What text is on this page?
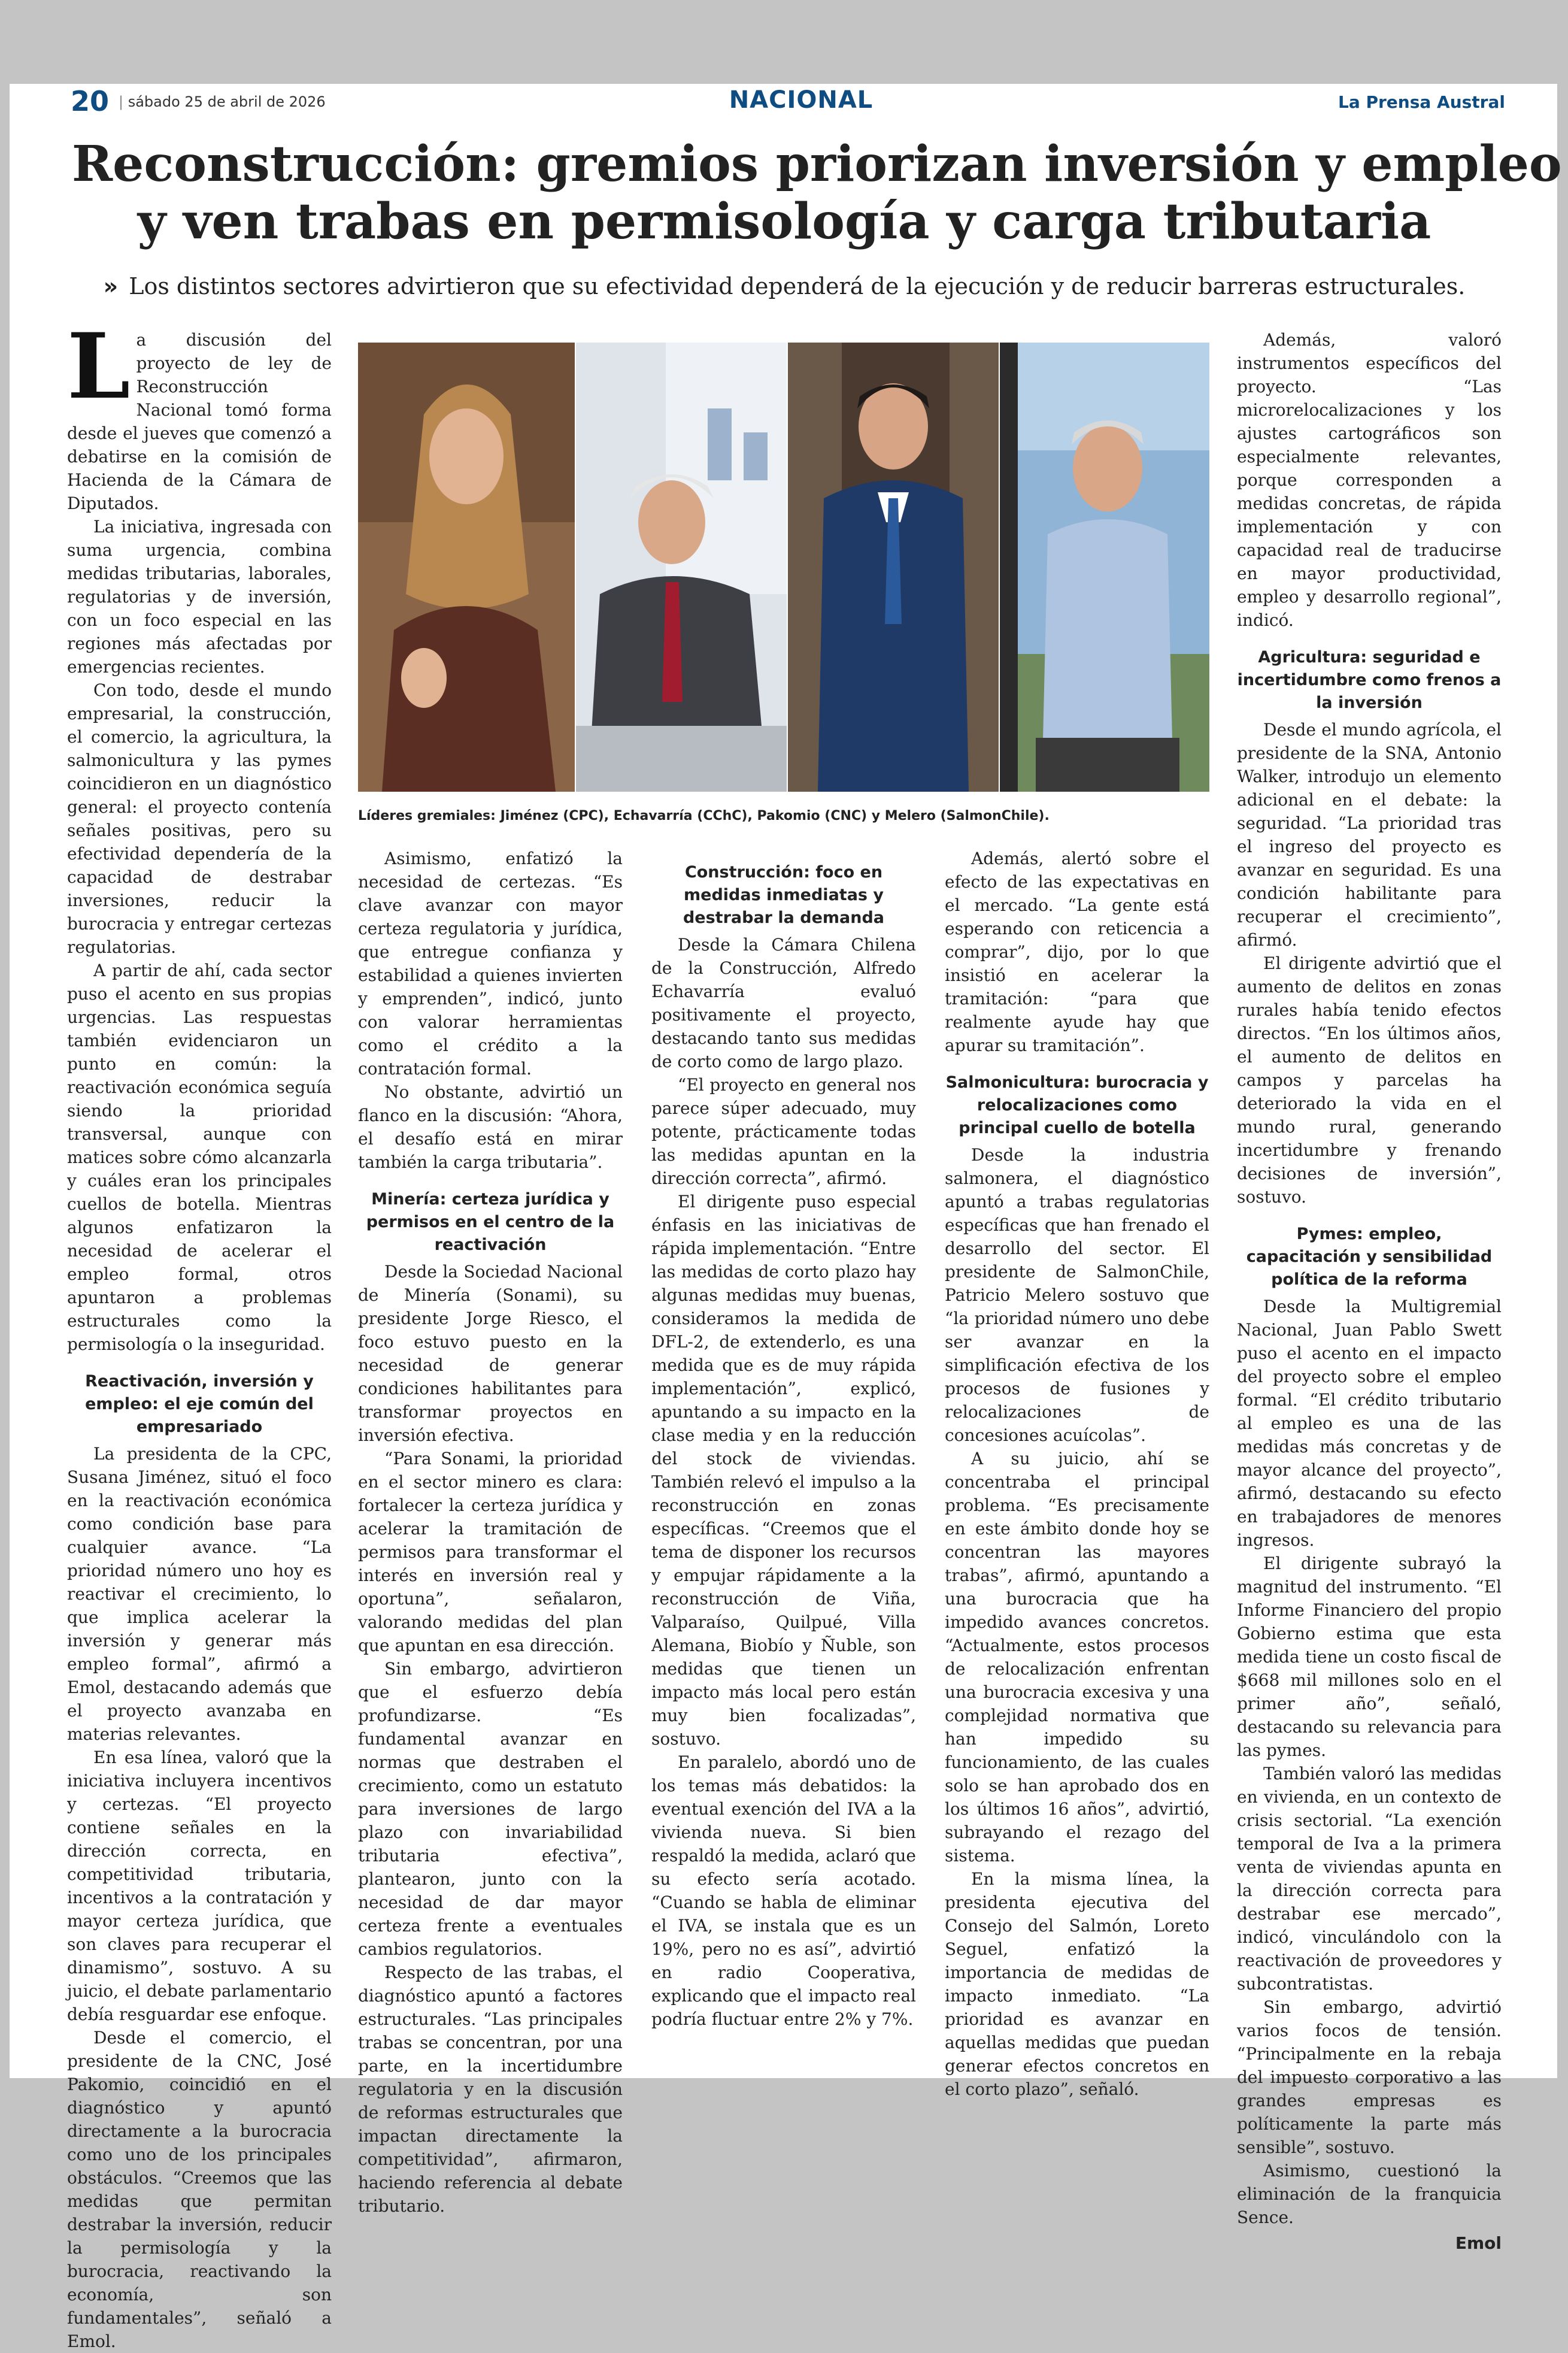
20
|	sábado 25 de abril de 2026	NACIONAL	La Prensa Austral
Reconstrucción: gremios priorizan inversión y empleo
y ven trabas en permisología y carga tributaria
» Los distintos sectores advirtieron que su efectividad dependerá de la ejecución y de reducir barreras estructurales.

La discusión del proyecto de ley de Reconstrucción Nacional tomó forma desde el jueves que comenzó a debatirse en la comisión de Hacienda de la Cámara de Diputados.

La iniciativa, ingresada con suma urgencia, combina medidas tributarias, laborales, regulatorias y de inversión, con un foco especial en las regiones más afectadas por emergencias recientes.

Con todo, desde el mundo empresarial, la construcción, el comercio, la agricultura, la salmonicultura y las pymes coincidieron en un diagnóstico general: el proyecto contenía señales positivas, pero su efectividad dependería de la capacidad de destrabar inversiones, reducir la burocracia y entregar certezas regulatorias.

A partir de ahí, cada sector puso el acento en sus propias urgencias. Las respuestas también evidenciaron un punto en común: la reactivación económica seguía siendo la prioridad transversal, aunque con matices sobre cómo alcanzarla y cuáles eran los principales cuellos de botella. Mientras algunos enfatizaron la necesidad de acelerar el empleo formal, otros apuntaron a problemas estructurales como la permisología o la inseguridad.

Reactivación, inversión y empleo: el eje común del empresariado

La presidenta de la CPC, Susana Jiménez, situó el foco en la reactivación económica como condición base para cualquier avance. “La prioridad número uno hoy es reactivar el crecimiento, lo que implica acelerar la inversión y generar más empleo formal”, afirmó a Emol, destacando además que el proyecto avanzaba en materias relevantes.

En esa línea, valoró que la iniciativa incluyera incentivos y certezas. “El proyecto contiene señales en la dirección correcta, en competitividad tributaria, incentivos a la contratación y mayor certeza jurídica, que son claves para recuperar el dinamismo”, sostuvo. A su juicio, el debate parlamentario debía resguardar ese enfoque.

Desde el comercio, el presidente de la CNC, José Pakomio, coincidió en el diagnóstico y apuntó directamente a la burocracia como uno de los principales obstáculos. “Creemos que las medidas que permitan destrabar la inversión, reducir la permisología y la burocracia, reactivando la economía, son fundamentales”, señaló a Emol.

Líderes gremiales: Jiménez (CPC), Echavarría (CChC), Pakomio (CNC) y Melero (SalmonChile).

Asimismo, enfatizó la necesidad de certezas. “Es clave avanzar con mayor certeza regulatoria y jurídica, que entregue confianza y estabilidad a quienes invierten y emprenden”, indicó, junto con valorar herramientas como el crédito a la contratación formal.

No obstante, advirtió un flanco en la discusión: “Ahora, el desafío está en mirar también la carga tributaria”.

Minería: certeza jurídica y permisos en el centro de la reactivación

Desde la Sociedad Nacional de Minería (Sonami), su presidente Jorge Riesco, el foco estuvo puesto en la necesidad de generar condiciones habilitantes para transformar proyectos en inversión efectiva.

“Para Sonami, la prioridad en el sector minero es clara: fortalecer la certeza jurídica y acelerar la tramitación de permisos para transformar el interés en inversión real y oportuna”, señalaron, valorando medidas del plan que apuntan en esa dirección.

Sin embargo, advirtieron que el esfuerzo debía profundizarse. “Es fundamental avanzar en normas que destraben el crecimiento, como un estatuto para inversiones de largo plazo con invariabilidad tributaria efectiva”, plantearon, junto con la necesidad de dar mayor certeza frente a eventuales cambios regulatorios.

Respecto de las trabas, el diagnóstico apuntó a factores estructurales. “Las principales trabas se concentran, por una parte, en la incertidumbre regulatoria y en la discusión de reformas estructurales que impactan directamente la competitividad”, afirmaron, haciendo referencia al debate tributario.

Construcción: foco en medidas inmediatas y destrabar la demanda

Desde la Cámara Chilena de la Construcción, Alfredo Echavarría evaluó positivamente el proyecto, destacando tanto sus medidas de corto como de largo plazo.

“El proyecto en general nos parece súper adecuado, muy potente, prácticamente todas las medidas apuntan en la dirección correcta”, afirmó.

El dirigente puso especial énfasis en las iniciativas de rápida implementación. “Entre las medidas de corto plazo hay algunas medidas muy buenas, consideramos la medida de DFL-2, de extenderlo, es una medida que es de muy rápida implementación”, explicó, apuntando a su impacto en la clase media y en la reducción del stock de viviendas. También relevó el impulso a la reconstrucción en zonas específicas. “Creemos que el tema de disponer los recursos y empujar rápidamente a la reconstrucción de Viña, Valparaíso, Quilpué, Villa Alemana, Biobío y Ñuble, son medidas que tienen un impacto más local pero están muy bien focalizadas”, sostuvo.

En paralelo, abordó uno de los temas más debatidos: la eventual exención del IVA a la vivienda nueva. Si bien respaldó la medida, aclaró que su efecto sería acotado. “Cuando se habla de eliminar el IVA, se instala que es un 19%, pero no es así”, advirtió en radio Cooperativa, explicando que el impacto real podría fluctuar entre 2% y 7%.

Además, alertó sobre el efecto de las expectativas en el mercado. “La gente está esperando con reticencia a comprar”, dijo, por lo que insistió en acelerar la tramitación: “para que realmente ayude hay que apurar su tramitación”.

Salmonicultura: burocracia y relocalizaciones como principal cuello de botella

Desde la industria salmonera, el diagnóstico apuntó a trabas regulatorias específicas que han frenado el desarrollo del sector. El presidente de SalmonChile, Patricio Melero sostuvo que “la prioridad número uno debe ser avanzar en la simplificación efectiva de los procesos de fusiones y relocalizaciones de concesiones acuícolas”.

A su juicio, ahí se concentraba el principal problema. “Es precisamente en este ámbito donde hoy se concentran las mayores trabas”, afirmó, apuntando a una burocracia que ha impedido avances concretos. “Actualmente, estos procesos de relocalización enfrentan una burocracia excesiva y una complejidad normativa que han impedido su funcionamiento, de las cuales solo se han aprobado dos en los últimos 16 años”, advirtió, subrayando el rezago del sistema.

En la misma línea, la presidenta ejecutiva del Consejo del Salmón, Loreto Seguel, enfatizó la importancia de medidas de impacto inmediato. “La prioridad es avanzar en aquellas medidas que puedan generar efectos concretos en el corto plazo”, señaló.

Además, valoró instrumentos específicos del proyecto. “Las microrelocalizaciones y los ajustes cartográficos son especialmente relevantes, porque corresponden a medidas concretas, de rápida implementación y con capacidad real de traducirse en mayor productividad, empleo y desarrollo regional”, indicó.

Agricultura: seguridad e incertidumbre como frenos a la inversión

Desde el mundo agrícola, el presidente de la SNA, Antonio Walker, introdujo un elemento adicional en el debate: la seguridad. “La prioridad tras el ingreso del proyecto es avanzar en seguridad. Es una condición habilitante para recuperar el crecimiento”, afirmó.

El dirigente advirtió que el aumento de delitos en zonas rurales había tenido efectos directos. “En los últimos años, el aumento de delitos en campos y parcelas ha deteriorado la vida en el mundo rural, generando incertidumbre y frenando decisiones de inversión”, sostuvo.

Pymes: empleo, capacitación y sensibilidad política de la reforma

Desde la Multigremial Nacional, Juan Pablo Swett puso el acento en el impacto del proyecto sobre el empleo formal. “El crédito tributario al empleo es una de las medidas más concretas y de mayor alcance del proyecto”, afirmó, destacando su efecto en trabajadores de menores ingresos.

El dirigente subrayó la magnitud del instrumento. “El Informe Financiero del propio Gobierno estima que esta medida tiene un costo fiscal de $668 mil millones solo en el primer año”, señaló, destacando su relevancia para las pymes.

También valoró las medidas en vivienda, en un contexto de crisis sectorial. “La exención temporal de Iva a la primera venta de viviendas apunta en la dirección correcta para destrabar ese mercado”, indicó, vinculándolo con la reactivación de proveedores y subcontratistas.

Sin embargo, advirtió varios focos de tensión. “Principalmente en la rebaja del impuesto corporativo a las grandes empresas es políticamente la parte más sensible”, sostuvo.

Asimismo, cuestionó la eliminación de la franquicia Sence.

Emol
